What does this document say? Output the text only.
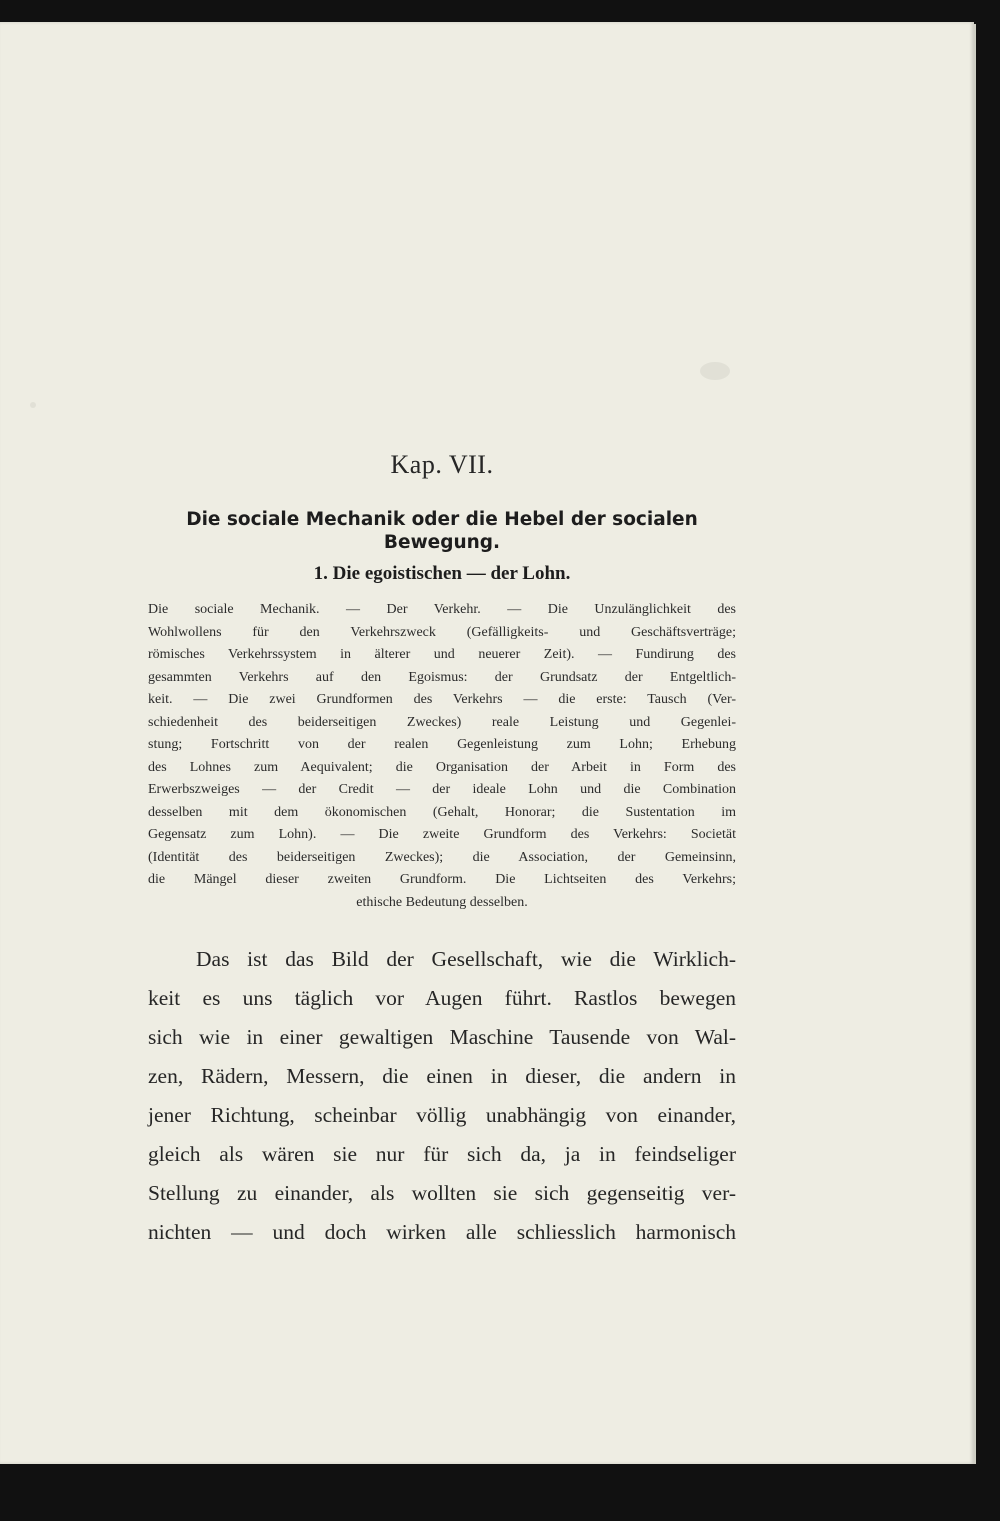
Kap. VII.
Die sociale Mechanik oder die Hebel der socialen
Bewegung.
1. Die egoistischen — der Lohn.
Die sociale Mechanik. — Der Verkehr. — Die Unzulänglichkeit des
Wohlwollens für den Verkehrszweck (Gefälligkeits- und Geschäftsverträge;
römisches Verkehrssystem in älterer und neuerer Zeit). — Fundirung des
gesammten Verkehrs auf den Egoismus: der Grundsatz der Entgeltlich-
keit. — Die zwei Grundformen des Verkehrs — die erste: Tausch (Ver-
schiedenheit des beiderseitigen Zweckes) reale Leistung und Gegenlei-
stung; Fortschritt von der realen Gegenleistung zum Lohn; Erhebung
des Lohnes zum Aequivalent; die Organisation der Arbeit in Form des
Erwerbszweiges — der Credit — der ideale Lohn und die Combination
desselben mit dem ökonomischen (Gehalt, Honorar; die Sustentation im
Gegensatz zum Lohn). — Die zweite Grundform des Verkehrs: Societät
(Identität des beiderseitigen Zweckes); die Association, der Gemeinsinn,
die Mängel dieser zweiten Grundform. Die Lichtseiten des Verkehrs;
ethische Bedeutung desselben.
Das ist das Bild der Gesellschaft, wie die Wirklich-
keit es uns täglich vor Augen führt. Rastlos bewegen
sich wie in einer gewaltigen Maschine Tausende von Wal-
zen, Rädern, Messern, die einen in dieser, die andern in
jener Richtung, scheinbar völlig unabhängig von einander,
gleich als wären sie nur für sich da, ja in feindseliger
Stellung zu einander, als wollten sie sich gegenseitig ver-
nichten — und doch wirken alle schliesslich harmonisch
